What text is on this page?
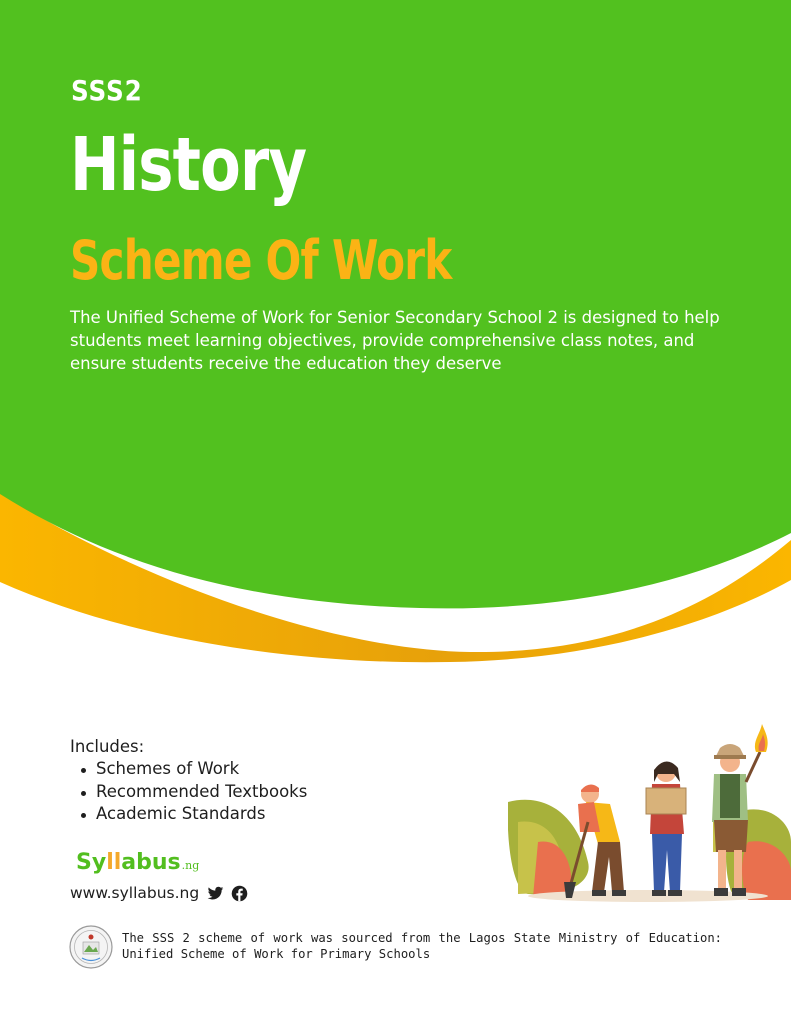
SSS2
History
Scheme Of Work

The Unified Scheme of Work for Senior Secondary School 2 is designed to help students meet learning objectives, provide comprehensive class notes, and ensure students receive the education they deserve

Includes:

Schemes of Work
Recommended Textbooks
Academic Standards
Syllabus.ng
www.syllabus.ng

The SSS 2 scheme of work was sourced from the Lagos State Ministry of Education: Unified Scheme of Work for Primary Schools
